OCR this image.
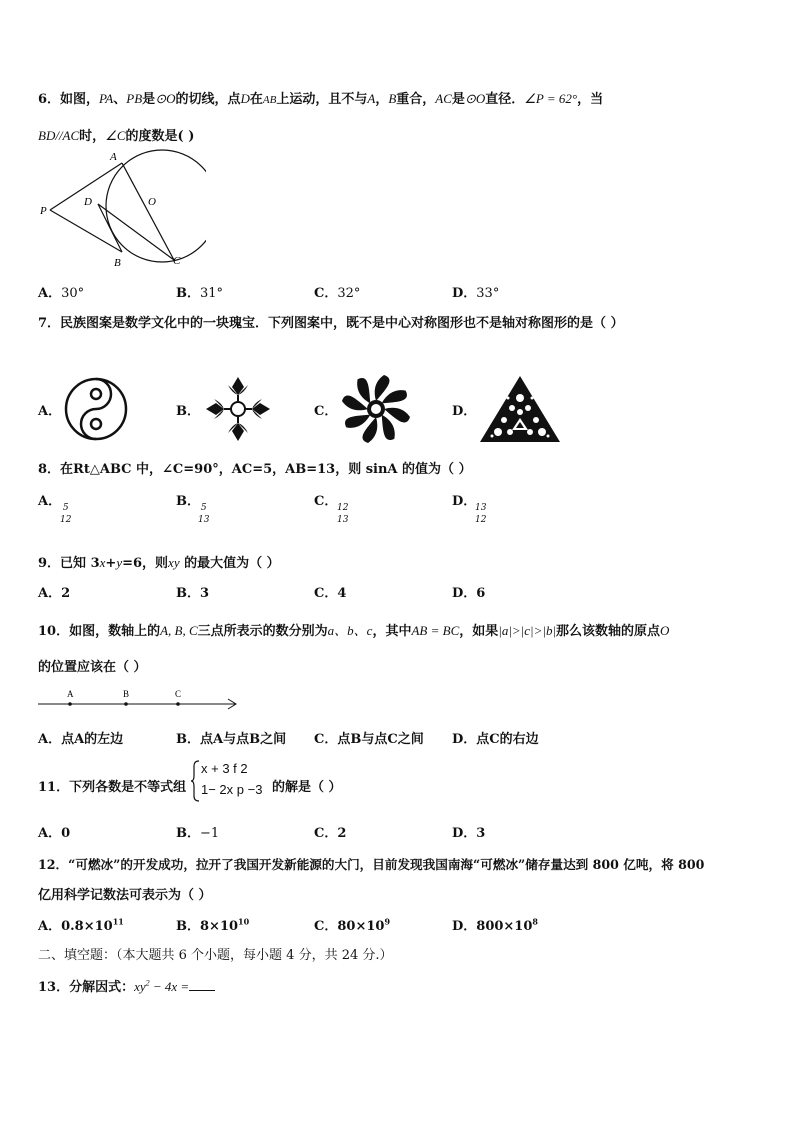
6．如图，PA、PB是⊙O的切线，点D在AB上运动，且不与A，B重合，AC是⊙O直径．∠P = 62°，当
BD//AC时，∠C的度数是( )
A
D	O
P
B	C
A．30°	B．31°	C．32°	D．33°
7．民族图案是数学文化中的一块瑰宝．下列图案中，既不是中心对称图形也不是轴对称图形的是（ ）
A．	B．	C．	D．
8．在Rt△ABC 中，∠C=90°，AC=5，AB=13，则 sinA 的值为（ ）
A． 5
12
B． 5
13
C． 12
13
D．
13
12
9．已知 3x+y=6，则xy 的最大值为（ ）
A．2	B．3	C．4	D．6
10．如图，数轴上的A, B, C三点所表示的数分别为a、b、c，其中AB = BC，如果|a|>|c|>|b|那么该数轴的原点O
的位置应该在（ ）
A	B	C
A．点A的左边	B．点A与点B之间 C．点B与点C之间 D．点C的右边
11．下列各数是不等式组
x + 3 f 2
1− 2x p −3 的解是（ ）
A．0	B．−1	C．2	D．3
12．“可燃冰”的开发成功，拉开了我国开发新能源的大门，目前发现我国南海“可燃冰”储存量达到 800 亿吨，将 800
亿用科学记数法可表示为（ ）
A．$0.8\times 10^{11}$	B．$8\times 10^{10}$	C．$80\times 10^9$	D．$800\times 10^8$
二、填空题：（本大题共 6 个小题，每小题 4 分，共 24 分.）
13．分解因式：$xy^2 - 4x$ =
